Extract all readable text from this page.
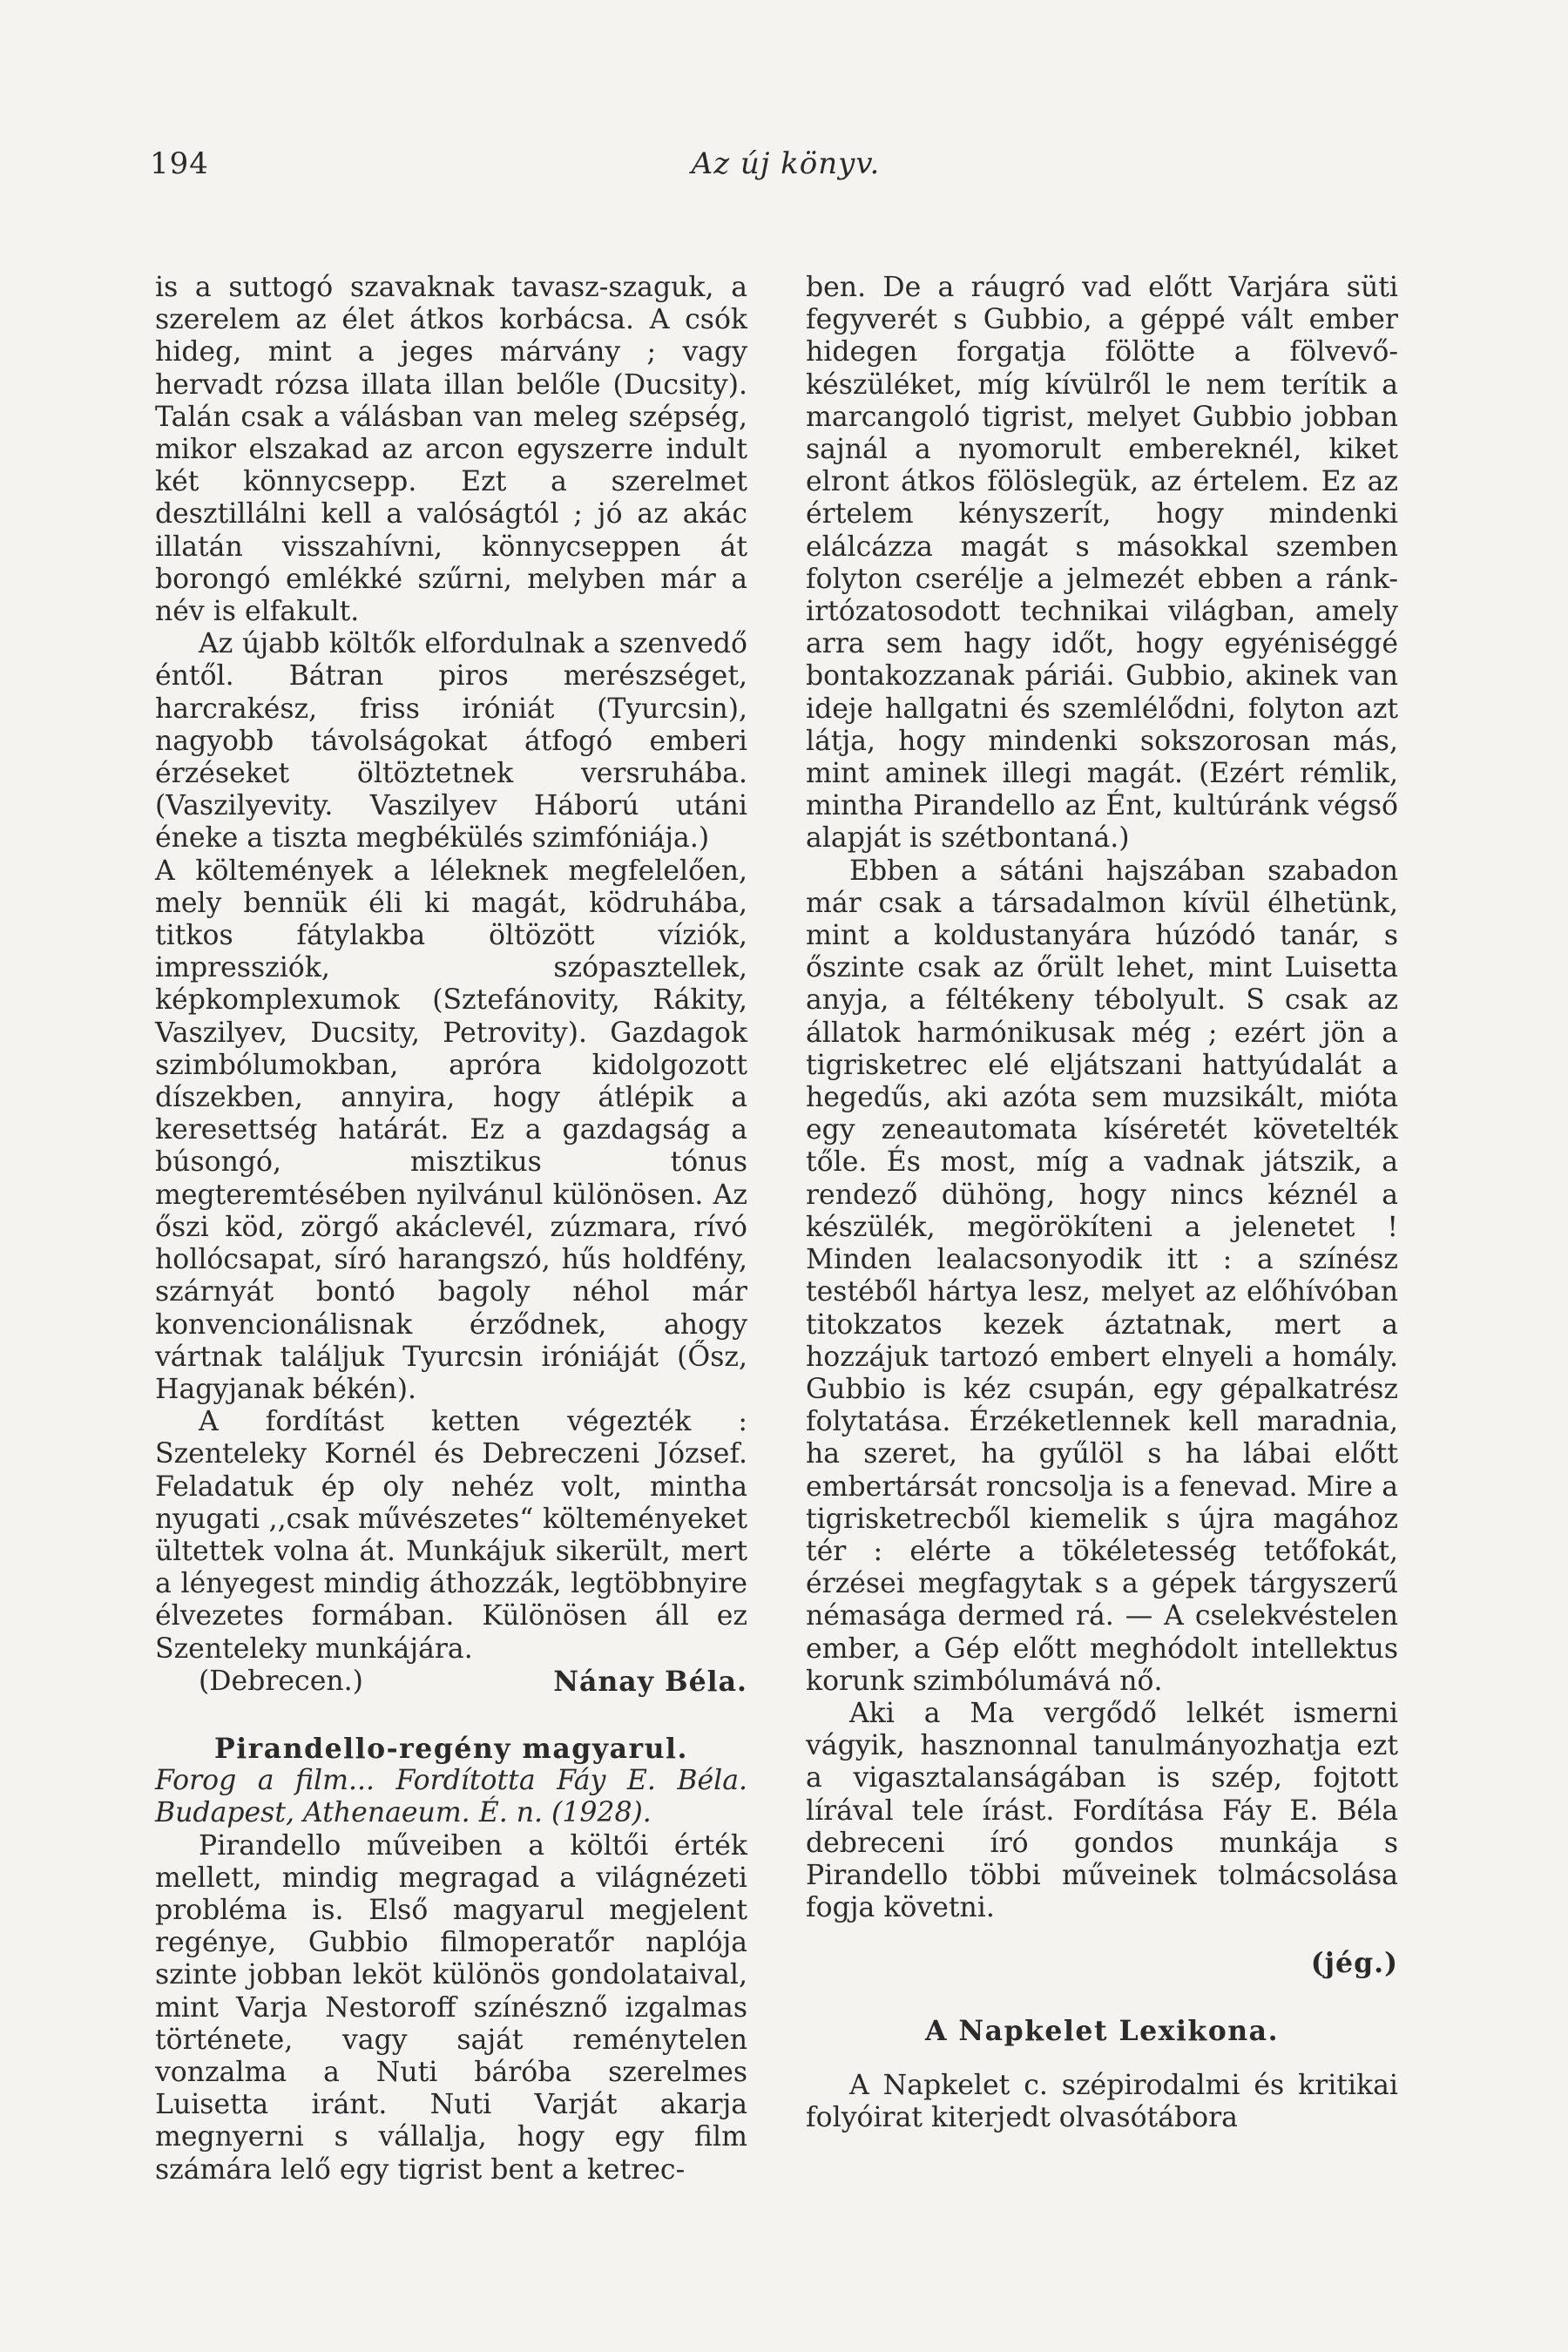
194	Az új könyv.

is a suttogó szavaknak tavasz-szaguk, a szerelem az élet átkos korbácsa. A csók hideg, mint a jeges márvány ; vagy hervadt rózsa illata illan belőle (Ducsity). Talán csak a válásban van meleg szépség, mikor elszakad az arcon egyszerre indult két könnycsepp. Ezt a szerelmet desztillálni kell a valóságtól ; jó az akác illatán visszahívni, könnycseppen át borongó emlékké szűrni, melyben már a név is elfakult.

Az újabb költők elfordulnak a szenvedő éntől. Bátran piros merészséget, harcrakész, friss iróniát (Tyurcsin), nagyobb távolságokat átfogó emberi érzéseket öltöztetnek versruhába. (Vaszilyevity. Vaszilyev Háború utáni éneke a tiszta megbékülés szimfóniája.)

A költemények a léleknek megfelelően, mely bennük éli ki magát, ködruhába, titkos fátylakba öltözött víziók, impressziók, szópasztellek, képkomplexumok (Sztefánovity, Rákity, Vaszilyev, Ducsity, Petrovity). Gazdagok szimbólumokban, apróra kidolgozott díszekben, annyira, hogy átlépik a keresettség határát. Ez a gazdagság a búsongó, misztikus tónus megteremtésében nyilvánul különösen. Az őszi köd, zörgő akáclevél, zúzmara, rívó hollócsapat, síró harangszó, hűs holdfény, szárnyát bontó bagoly néhol már konvencionálisnak érződnek, ahogy vártnak találjuk Tyurcsin iróniáját (Ősz, Hagyjanak békén).

A fordítást ketten végezték : Szenteleky Kornél és Debreczeni József. Feladatuk ép oly nehéz volt, mintha nyugati ,,csak művészetes“ költeményeket ültettek volna át. Munkájuk sikerült, mert a lényegest mindig áthozzák, legtöbbnyire élvezetes formában. Különösen áll ez Szenteleky munkájára.

(Debrecen.)	Nánay Béla.

Pirandello-regény magyarul.

Forog a film... Fordította Fáy E. Béla. Budapest, Athenaeum. É. n. (1928).

Pirandello műveiben a költői érték mellett, mindig megragad a világnézeti probléma is. Első magyarul megjelent regénye, Gubbio filmoperatőr naplója szinte jobban leköt különös gondolataival, mint Varja Nestoroff színésznő izgalmas története, vagy saját reménytelen vonzalma a Nuti báróba szerelmes Luisetta iránt. Nuti Varját akarja megnyerni s vállalja, hogy egy film számára lelő egy tigrist bent a ketrec-

ben. De a ráugró vad előtt Varjára süti fegyverét s Gubbio, a géppé vált ember hidegen forgatja fölötte a fölvevő-készüléket, míg kívülről le nem terítik a marcangoló tigrist, melyet Gubbio jobban sajnál a nyomorult embereknél, kiket elront átkos fölöslegük, az értelem. Ez az értelem kényszerít, hogy mindenki elálcázza magát s másokkal szemben folyton cserélje a jelmezét ebben a ránk-irtózatosodott technikai világban, amely arra sem hagy időt, hogy egyéniséggé bontakozzanak páriái. Gubbio, akinek van ideje hallgatni és szemlélődni, folyton azt látja, hogy mindenki sokszorosan más, mint aminek illegi magát. (Ezért rémlik, mintha Pirandello az Ént, kultúránk végső alapját is szétbontaná.)

Ebben a sátáni hajszában szabadon már csak a társadalmon kívül élhetünk, mint a koldustanyára húzódó tanár, s őszinte csak az őrült lehet, mint Luisetta anyja, a féltékeny tébolyult. S csak az állatok harmónikusak még ; ezért jön a tigrisketrec elé eljátszani hattyúdalát a hegedűs, aki azóta sem muzsikált, mióta egy zeneautomata kíséretét követelték tőle. És most, míg a vadnak játszik, a rendező dühöng, hogy nincs kéznél a készülék, megörökíteni a jelenetet ! Minden lealacsonyodik itt : a színész testéből hártya lesz, melyet az előhívóban titokzatos kezek áztatnak, mert a hozzájuk tartozó embert elnyeli a homály. Gubbio is kéz csupán, egy gépalkatrész folytatása. Érzéketlennek kell maradnia, ha szeret, ha gyűlöl s ha lábai előtt embertársát roncsolja is a fenevad. Mire a tigrisketrecből kiemelik s újra magához tér : elérte a tökéletesség tetőfokát, érzései megfagytak s a gépek tárgyszerű némasága dermed rá. — A cselekvéstelen ember, a Gép előtt meghódolt intellektus korunk szimbólumává nő.

Aki a Ma vergődő lelkét ismerni vágyik, hasznonnal tanulmányozhatja ezt a vigasztalanságában is szép, fojtott lírával tele írást. Fordítása Fáy E. Béla debreceni író gondos munkája s Pirandello többi műveinek tolmácsolása fogja követni.

(jég.)

A Napkelet Lexikona.

A Napkelet c. szépirodalmi és kritikai folyóirat kiterjedt olvasótábora
